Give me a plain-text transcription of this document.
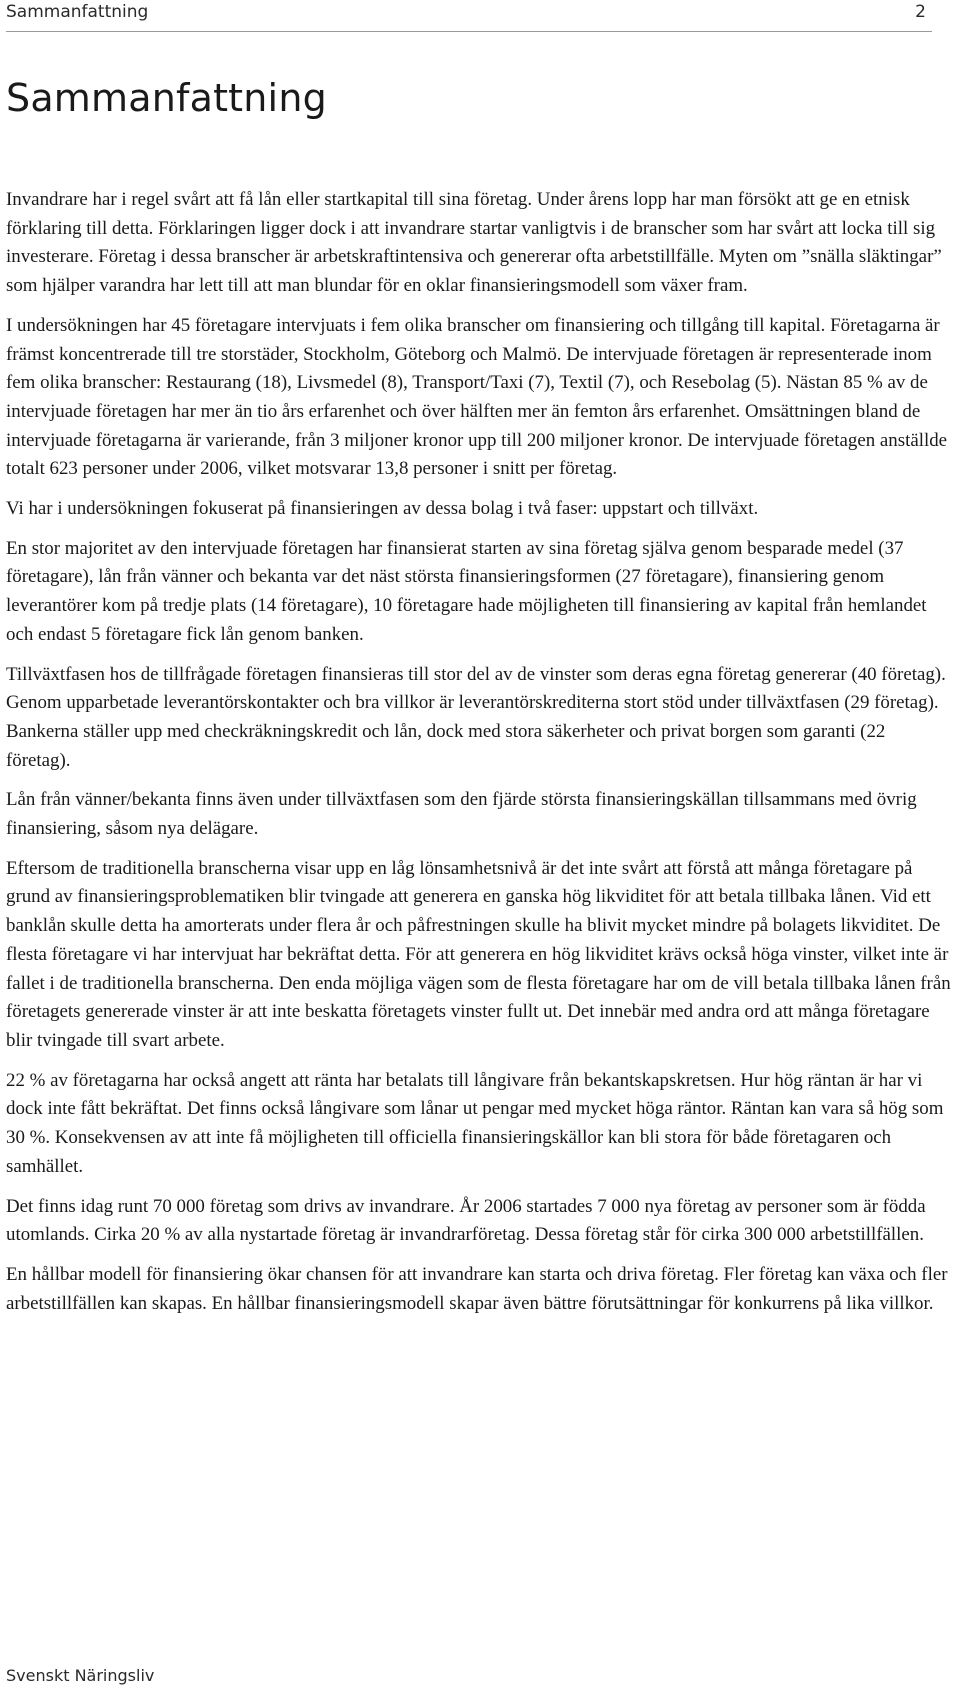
Sammanfattning	2
Sammanfattning

Invandrare har i regel svårt att få lån eller startkapital till sina företag. Under årens lopp har man försökt att ge en etnisk förklaring till detta. Förklaringen ligger dock i att invandrare startar vanligtvis i de branscher som har svårt att locka till sig investerare. Företag i dessa branscher är arbetskraftintensiva och genererar ofta arbetstillfälle. Myten om ”snälla släktingar” som hjälper varandra har lett till att man blundar för en oklar finansieringsmodell som växer fram.

I undersökningen har 45 företagare intervjuats i fem olika branscher om finansiering och tillgång till kapital. Företagarna är främst koncentrerade till tre storstäder, Stockholm, Göteborg och Malmö. De intervjuade företagen är representerade inom fem olika branscher: Restaurang (18), Livsmedel (8), Transport/Taxi (7), Textil (7), och Resebolag (5). Nästan 85 % av de intervjuade företagen har mer än tio års erfarenhet och över hälften mer än femton års erfarenhet. Omsättningen bland de intervjuade företagarna är varierande, från 3 miljoner kronor upp till 200 miljoner kronor. De intervjuade företagen anställde totalt 623 personer under 2006, vilket motsvarar 13,8 personer i snitt per företag.

Vi har i undersökningen fokuserat på finansieringen av dessa bolag i två faser: uppstart och tillväxt.

En stor majoritet av den intervjuade företagen har finansierat starten av sina företag själva genom besparade medel (37 företagare), lån från vänner och bekanta var det näst största finansieringsformen (27 företagare), finansiering genom leverantörer kom på tredje plats (14 företagare), 10 företagare hade möjligheten till finansiering av kapital från hemlandet och endast 5 företagare fick lån genom banken.

Tillväxtfasen hos de tillfrågade företagen finansieras till stor del av de vinster som deras egna företag genererar (40 företag). Genom upparbetade leverantörskontakter och bra villkor är leverantörskrediterna stort stöd under tillväxtfasen (29 företag). Bankerna ställer upp med checkräkningskredit och lån, dock med stora säkerheter och privat borgen som garanti (22 företag).

Lån från vänner/bekanta finns även under tillväxtfasen som den fjärde största finansieringskällan tillsammans med övrig finansiering, såsom nya delägare.

Eftersom de traditionella branscherna visar upp en låg lönsamhetsnivå är det inte svårt att förstå att många företagare på grund av finansieringsproblematiken blir tvingade att generera en ganska hög likviditet för att betala tillbaka lånen. Vid ett banklån skulle detta ha amorterats under flera år och påfrestningen skulle ha blivit mycket mindre på bolagets likviditet. De flesta företagare vi har intervjuat har bekräftat detta. För att generera en hög likviditet krävs också höga vinster, vilket inte är fallet i de traditionella branscherna. Den enda möjliga vägen som de flesta företagare har om de vill betala tillbaka lånen från företagets genererade vinster är att inte beskatta företagets vinster fullt ut. Det innebär med andra ord att många företagare blir tvingade till svart arbete.

22 % av företagarna har också angett att ränta har betalats till långivare från bekantskapskretsen. Hur hög räntan är har vi dock inte fått bekräftat. Det finns också långivare som lånar ut pengar med mycket höga räntor. Räntan kan vara så hög som 30 %. Konsekvensen av att inte få möjligheten till officiella finansieringskällor kan bli stora för både företagaren och samhället.

Det finns idag runt 70 000 företag som drivs av invandrare. År 2006 startades 7 000 nya företag av personer som är födda utomlands. Cirka 20 % av alla nystartade företag är invandrarföretag. Dessa företag står för cirka 300 000 arbetstillfällen.

En hållbar modell för finansiering ökar chansen för att invandrare kan starta och driva företag. Fler företag kan växa och fler arbetstillfällen kan skapas. En hållbar finansieringsmodell skapar även bättre förutsättningar för konkurrens på lika villkor.

Svenskt Näringsliv
